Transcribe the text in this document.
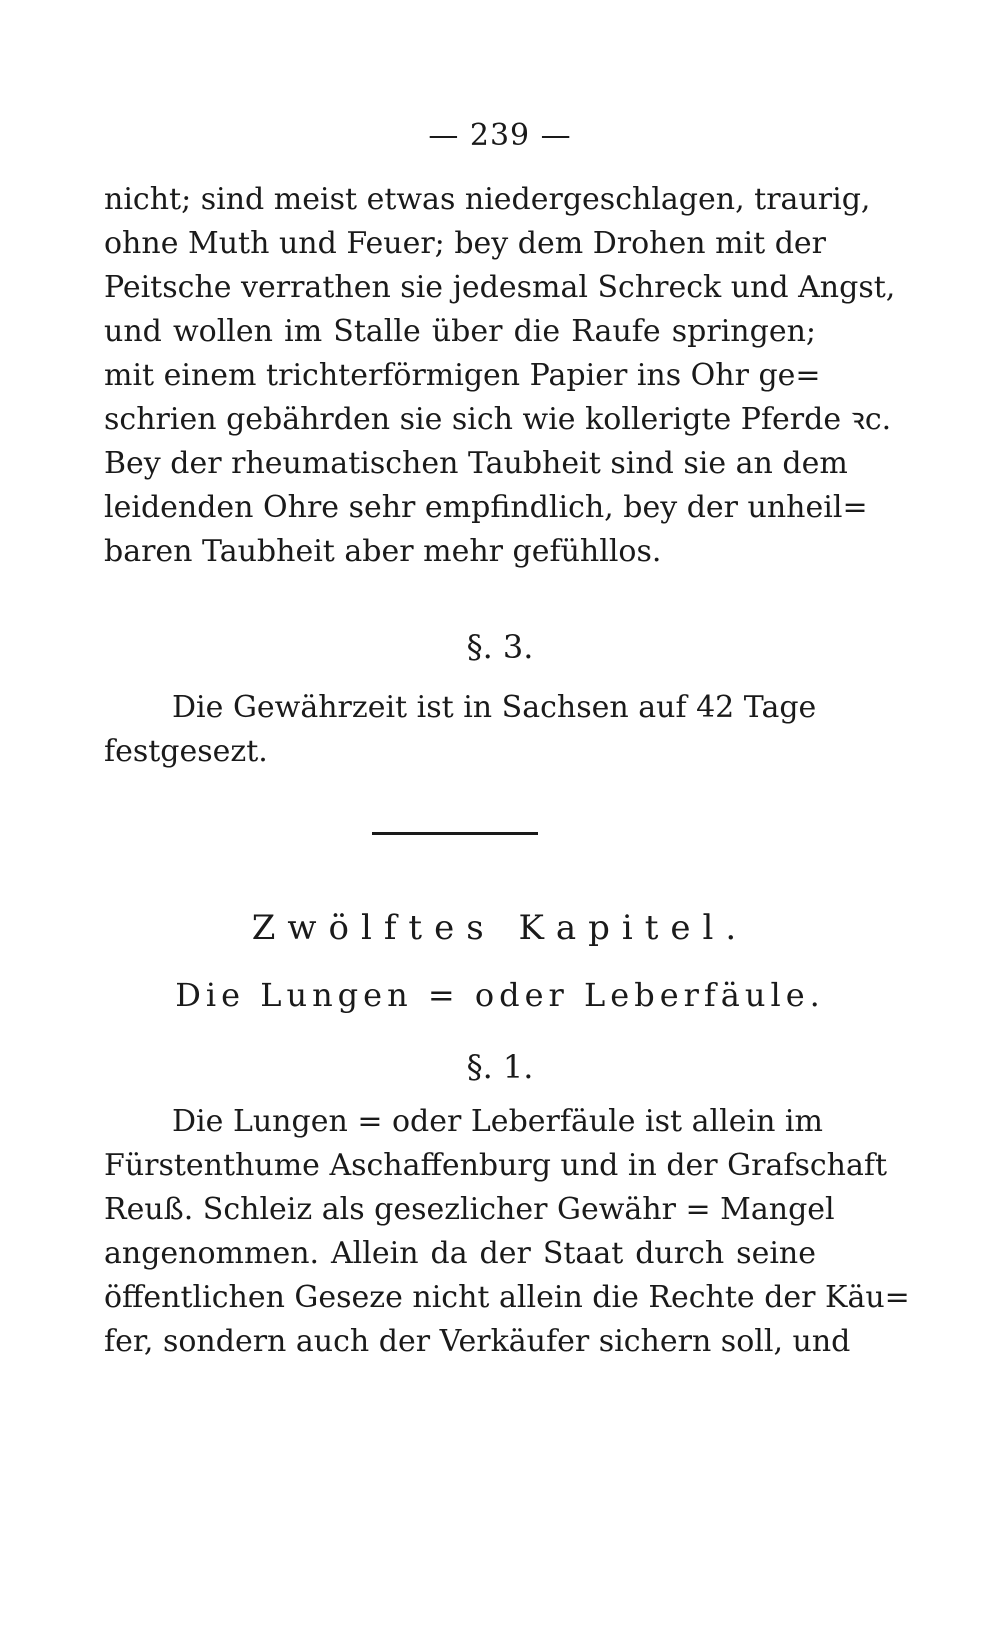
— 239 —
nicht; sind meist etwas niedergeschlagen, traurig,
ohne Muth und Feuer; bey dem Drohen mit der
Peitsche verrathen sie jedesmal Schreck und Angst,
und wollen im Stalle über die Raufe springen;
mit einem trichterförmigen Papier ins Ohr ge=
schrien gebährden sie sich wie kollerigte Pferde ꝛc.
Bey der rheumatischen Taubheit sind sie an dem
leidenden Ohre sehr empfindlich, bey der unheil=
baren Taubheit aber mehr gefühllos.
§. 3.
Die Gewährzeit ist in Sachsen auf 42 Tage
festgesezt.
Zwölftes Kapitel.
Die Lungen = oder Leberfäule.
§. 1.
Die Lungen = oder Leberfäule ist allein im
Fürstenthume Aschaffenburg und in der Grafschaft
Reuß. Schleiz als gesezlicher Gewähr = Mangel
angenommen. Allein da der Staat durch seine
öffentlichen Geseze nicht allein die Rechte der Käu=
fer, sondern auch der Verkäufer sichern soll, und
